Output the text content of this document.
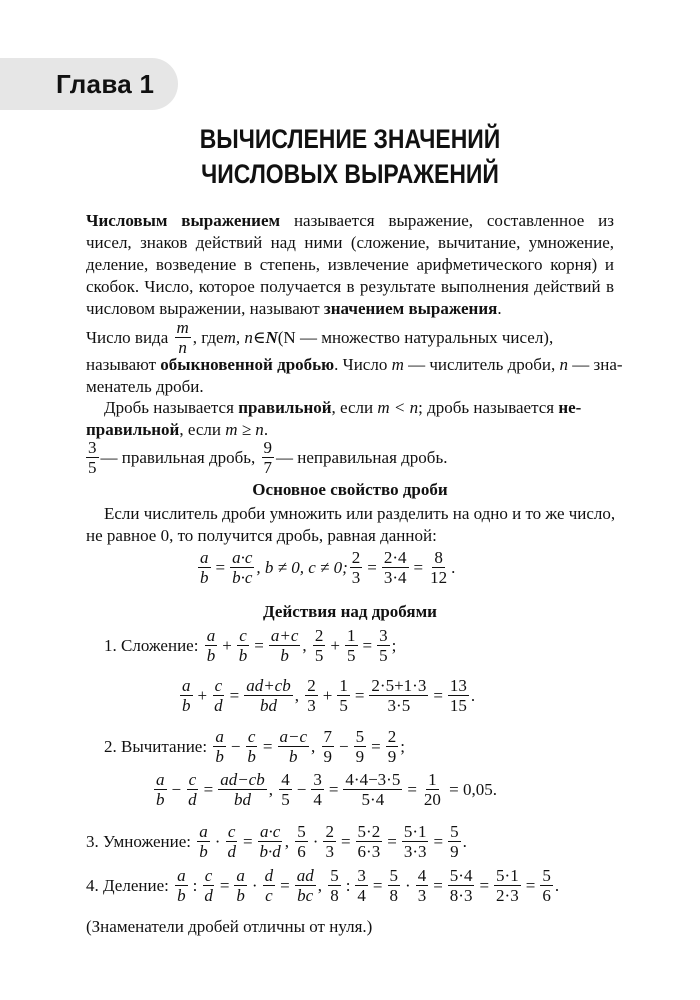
Глава 1
ВЫЧИСЛЕНИЕ ЗНАЧЕНИЙ
ЧИСЛОВЫХ ВЫРАЖЕНИЙ

Числовым выражением называется выражение, составленное из чисел, знаков действий над ними (сложение, вычитание, умножение, деление, возведение в степень, извлечение арифметического корня) и скобок. Число, которое получается в результате выполнения действий в числовом выражении, называют значением выражения.

Число вида
$\frac{m}{n}$ , где m, n ∈ N (N — множество натуральных чисел),
называют обыкновенной дробью. Число m — числитель дроби, n — зна-
менатель дроби.
Дробь называется правильной, если m < n; дробь называется не-
правильной, если m ≥ n.
$\frac{3}{5}$ — правильная дробь,
$\frac{9}{7}$ — неправильная дробь.
Основное свойство дроби
Если числитель дроби умножить или разделить на одно и то же число,
не равное 0, то получится дробь, равная данной:
$\frac{a}{b} = \frac{a\cdot c}{b\cdot c}$ , b ≠ 0, c ≠ 0; $\frac{2}{3} = \frac{2\cdot 4}{3\cdot 4} = \frac{8}{12}$ .
Действия над дробями
1. Сложение:
$\frac{a}{b} + \frac{c}{b} = \frac{a+c}{b}$ , $\frac{2}{5} + \frac{1}{5} = \frac{3}{5}$ ;
$\frac{a}{b} + \frac{c}{d} = \frac{ad+cb}{bd}$ , $\frac{2}{3} + \frac{1}{5} = \frac{2\cdot 5+1\cdot 3}{3\cdot 5} = \frac{13}{15}$ .
2. Вычитание:
$\frac{a}{b} - \frac{c}{b} = \frac{a-c}{b}$ , $\frac{7}{9} - \frac{5}{9} = \frac{2}{9}$ ;
$\frac{a}{b} - \frac{c}{d} = \frac{ad-cb}{bd}$ , $\frac{4}{5} - \frac{3}{4} = \frac{4\cdot 4-3\cdot 5}{5\cdot 4} = \frac{1}{20}$
= 0,05.
3. Умножение:
$\frac{a}{b} \cdot \frac{c}{d} = \frac{a\cdot c}{b\cdot d}$ , $\frac{5}{6} \cdot \frac{2}{3} = \frac{5\cdot 2}{6\cdot 3} = \frac{5\cdot 1}{3\cdot 3} = \frac{5}{9}$ .
4. Деление:
$\frac{a}{b}$ : $\frac{c}{d} = \frac{a}{b} \cdot \frac{d}{c} = \frac{ad}{bc}$ , $\frac{5}{8}$ : $\frac{3}{4} = \frac{5}{8} \cdot \frac{4}{3} = \frac{5\cdot 4}{8\cdot 3} = \frac{5\cdot 1}{2\cdot 3} = \frac{5}{6}$ .
(Знаменатели дробей отличны от нуля.)
